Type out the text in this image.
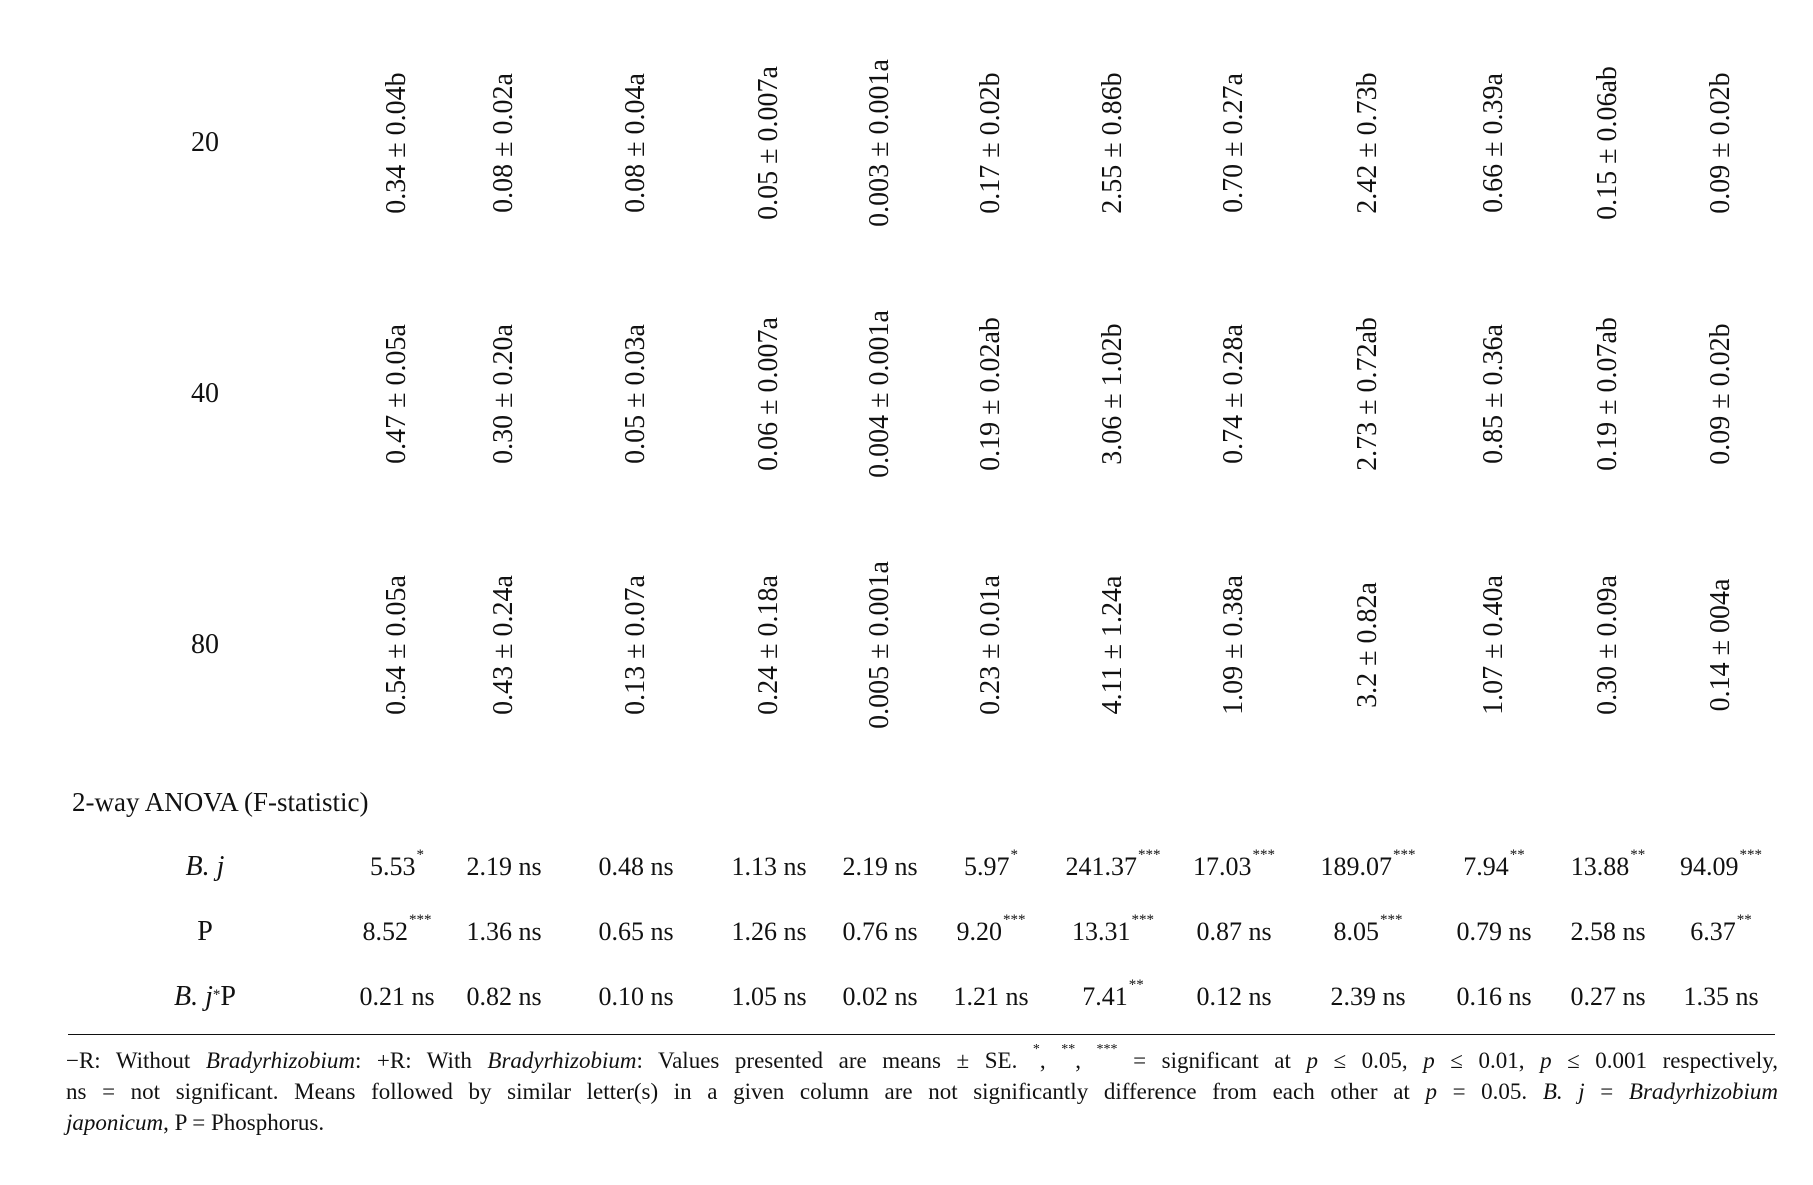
20	0.34 ± 0.04b	0.08 ± 0.02a	0.08 ± 0.04a	0.05 ± 0.007a	0.003 ± 0.001a	0.17 ± 0.02b	2.55 ± 0.86b	0.70 ± 0.27a	2.42 ± 0.73b	0.66 ± 0.39a	0.15 ± 0.06ab	0.09 ± 0.02b
40	0.47 ± 0.05a	0.30 ± 0.20a	0.05 ± 0.03a	0.06 ± 0.007a	0.004 ± 0.001a	0.19 ± 0.02ab	3.06 ± 1.02b	0.74 ± 0.28a	2.73 ± 0.72ab	0.85 ± 0.36a	0.19 ± 0.07ab	0.09 ± 0.02b
80	0.54 ± 0.05a	0.43 ± 0.24a	0.13 ± 0.07a	0.24 ± 0.18a	0.005 ± 0.001a	0.23 ± 0.01a	4.11 ± 1.24a	1.09 ± 0.38a	3.2 ± 0.82a	1.07 ± 0.40a	0.30 ± 0.09a	0.14 ± 004a
2-way ANOVA (F-statistic)
B. j	5.53* 2.19 ns 0.48 ns 1.13 ns 2.19 ns 5.97* 241.37*** 17.03*** 189.07*** 7.94** 13.88** 94.09***
P	8.52*** 1.36 ns 0.65 ns 1.26 ns 0.76 ns 9.20*** 13.31*** 0.87 ns 8.05*** 0.79 ns 2.58 ns 6.37**
B. j*P	0.21 ns 0.82 ns 0.10 ns 1.05 ns 0.02 ns 1.21 ns 7.41** 0.12 ns 2.39 ns 0.16 ns 0.27 ns 1.35 ns
−R: Without Bradyrhizobium: +R: With Bradyrhizobium: Values presented are means ± SE. *, **, *** = significant at p ≤ 0.05, p ≤ 0.01, p ≤ 0.001 respectively,
ns = not significant. Means followed by similar letter(s) in a given column are not significantly difference from each other at p = 0.05. B. j = Bradyrhizobium
japonicum, P = Phosphorus.
